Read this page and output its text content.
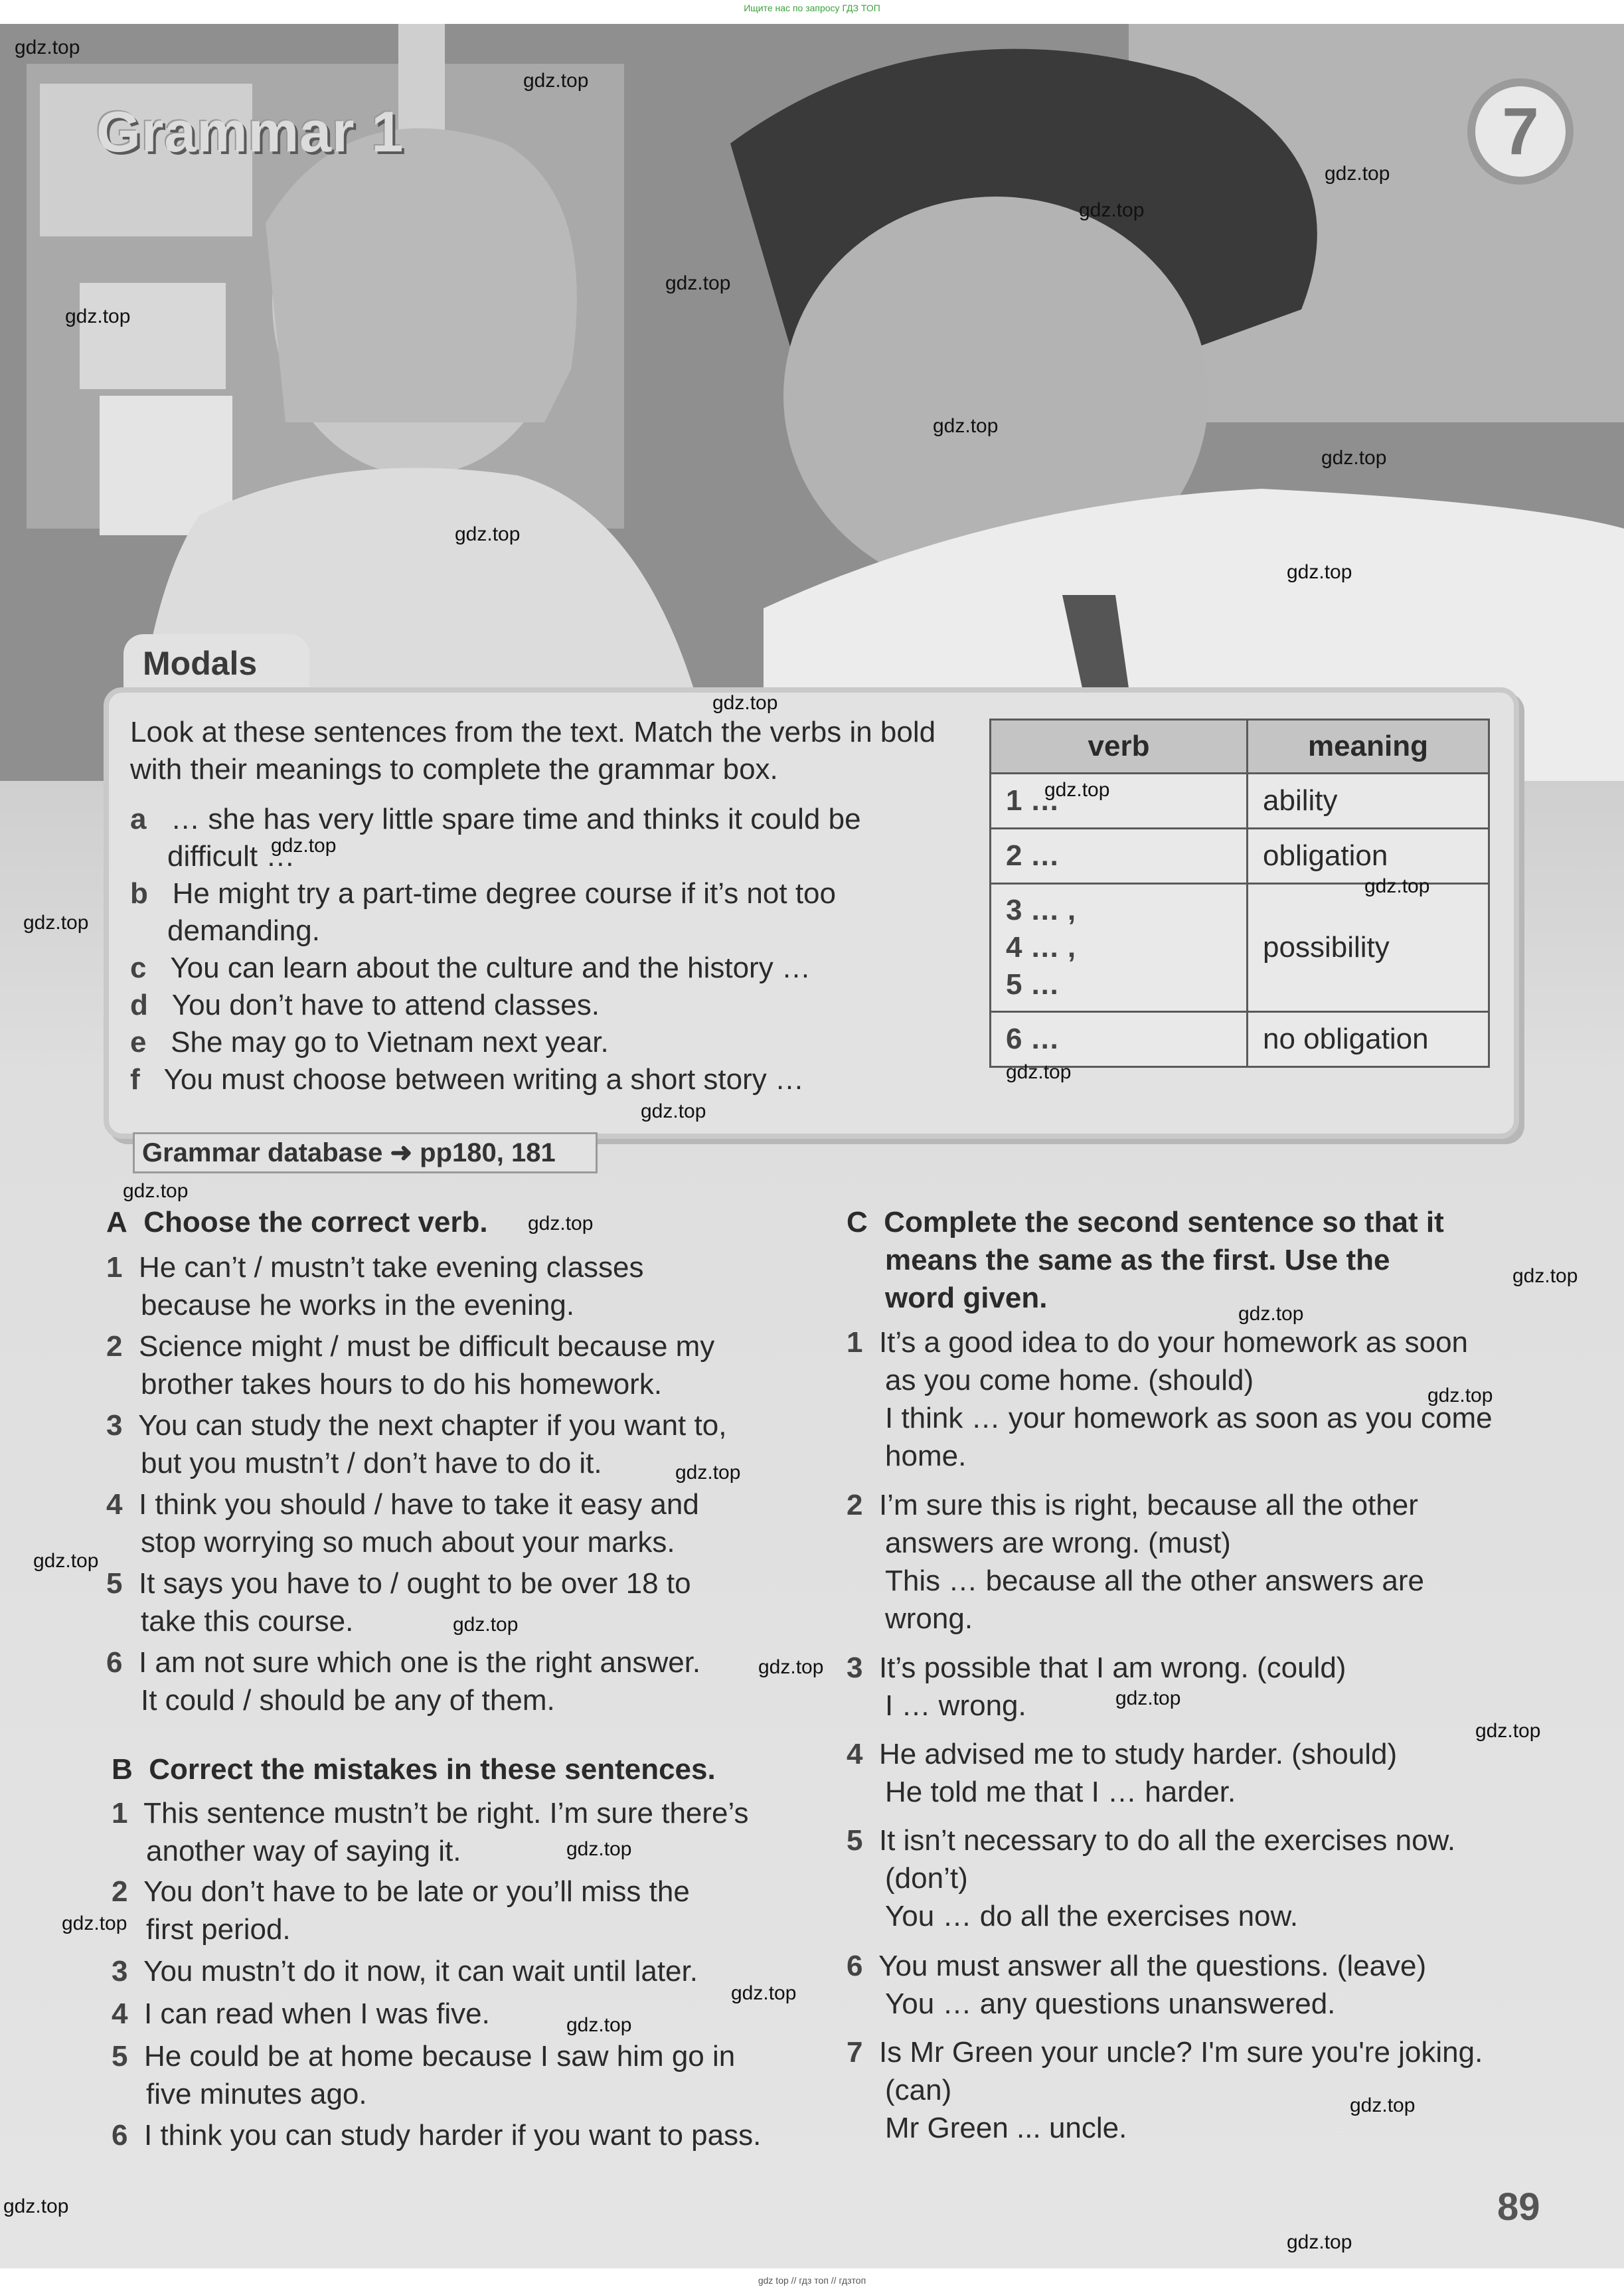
Ищите нас по запросу ГДЗ ТОП
Grammar 1	7
Modals
Look at these sentences from the text. Match the verbs in bold with their meanings to complete the grammar box.
a … she has very little spare time and thinks it could be
difficult …
b He might try a part-time degree course if it’s not too
demanding.
c You can learn about the culture and the history …
d You don’t have to attend classes.
e She may go to Vietnam next year.
f You must choose between writing a short story …
verb	meaning
1 …	ability
2 …	obligation

3 … ,
4 … ,
5 …	possibility
6 …	no obligation
Grammar database ➜ pp180, 181
A Choose the correct verb.
1 He can’t / mustn’t take evening classes
because he works in the evening.
2 Science might / must be difficult because my
brother takes hours to do his homework.
3 You can study the next chapter if you want to,
but you mustn’t / don’t have to do it.
4 I think you should / have to take it easy and
stop worrying so much about your marks.
5 It says you have to / ought to be over 18 to
take this course.
6 I am not sure which one is the right answer.
It could / should be any of them.
B Correct the mistakes in these sentences.
1 This sentence mustn’t be right. I’m sure there’s
another way of saying it.
2 You don’t have to be late or you’ll miss the
first period.
3 You mustn’t do it now, it can wait until later.
4 I can read when I was five.
5 He could be at home because I saw him go in
five minutes ago.
6 I think you can study harder if you want to pass.
C Complete the second sentence so that it
means the same as the first. Use the
word given.
1 It’s a good idea to do your homework as soon
as you come home. (should)
I think … your homework as soon as you come
home.
2 I’m sure this is right, because all the other
answers are wrong. (must)
This … because all the other answers are
wrong.
3 It’s possible that I am wrong. (could)
I … wrong.
4 He advised me to study harder. (should)
He told me that I … harder.
5 It isn’t necessary to do all the exercises now.
(don’t)
You … do all the exercises now.
6 You must answer all the questions. (leave)
You … any questions unanswered.
7 Is Mr Green your uncle? I'm sure you're joking.
(can)
Mr Green ... uncle.
89
gdz.top
gdz.top
gdz.top
gdz.top
gdz.top
gdz.top
gdz.top
gdz.top
gdz.top
gdz.top
gdz.top
gdz.top
gdz.top
gdz.top
gdz.top
gdz.top
gdz.top
gdz.top
gdz.top
gdz.top
gdz.top
gdz.top
gdz.top
gdz.top
gdz.top
gdz.top
gdz.top
gdz.top
gdz.top
gdz.top
gdz.top
gdz.top
gdz.top
gdz.top
gdz.top
gdz top // гдз топ // гдзтоп
